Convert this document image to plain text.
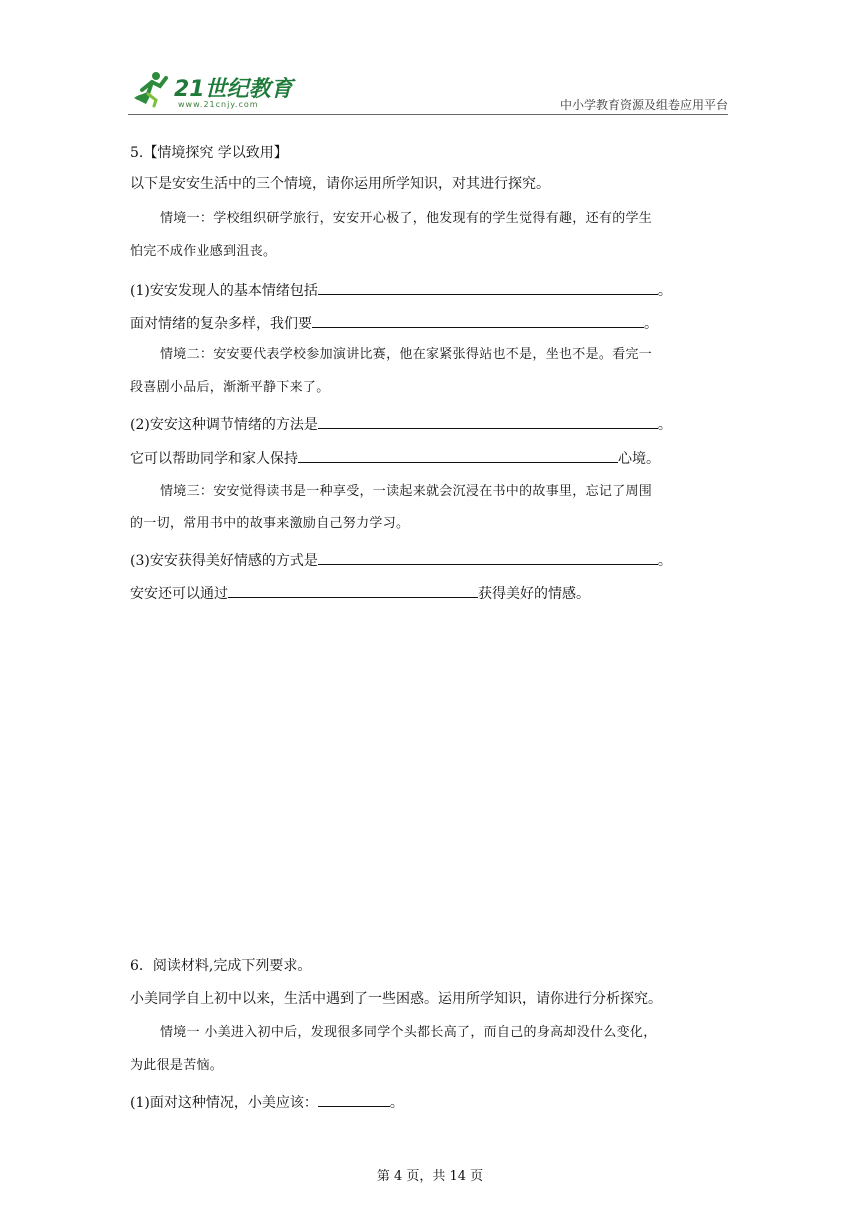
21世纪教育
www.21cnjy.com	中小学教育资源及组卷应用平台
5.【情境探究 学以致用】
以下是安安生活中的三个情境，请你运用所学知识，对其进行探究。
情境一：学校组织研学旅行，安安开心极了，他发现有的学生觉得有趣，还有的学生
怕完不成作业感到沮丧。
(1)安安发现人的基本情绪包括	。
面对情绪的复杂多样，我们要	。
情境二：安安要代表学校参加演讲比赛，他在家紧张得站也不是，坐也不是。看完一
段喜剧小品后，渐渐平静下来了。
(2)安安这种调节情绪的方法是	。
它可以帮助同学和家人保持	心境。
情境三：安安觉得读书是一种享受，一读起来就会沉浸在书中的故事里，忘记了周围
的一切，常用书中的故事来激励自己努力学习。
(3)安安获得美好情感的方式是	。
安安还可以通过	获得美好的情感。
6．阅读材料,完成下列要求。
小美同学自上初中以来，生活中遇到了一些困惑。运用所学知识，请你进行分析探究。
情境一 小美进入初中后，发现很多同学个头都长高了，而自己的身高却没什么变化，
为此很是苦恼。
(1)面对这种情况，小美应该：	。
第 4 页，共 14 页
